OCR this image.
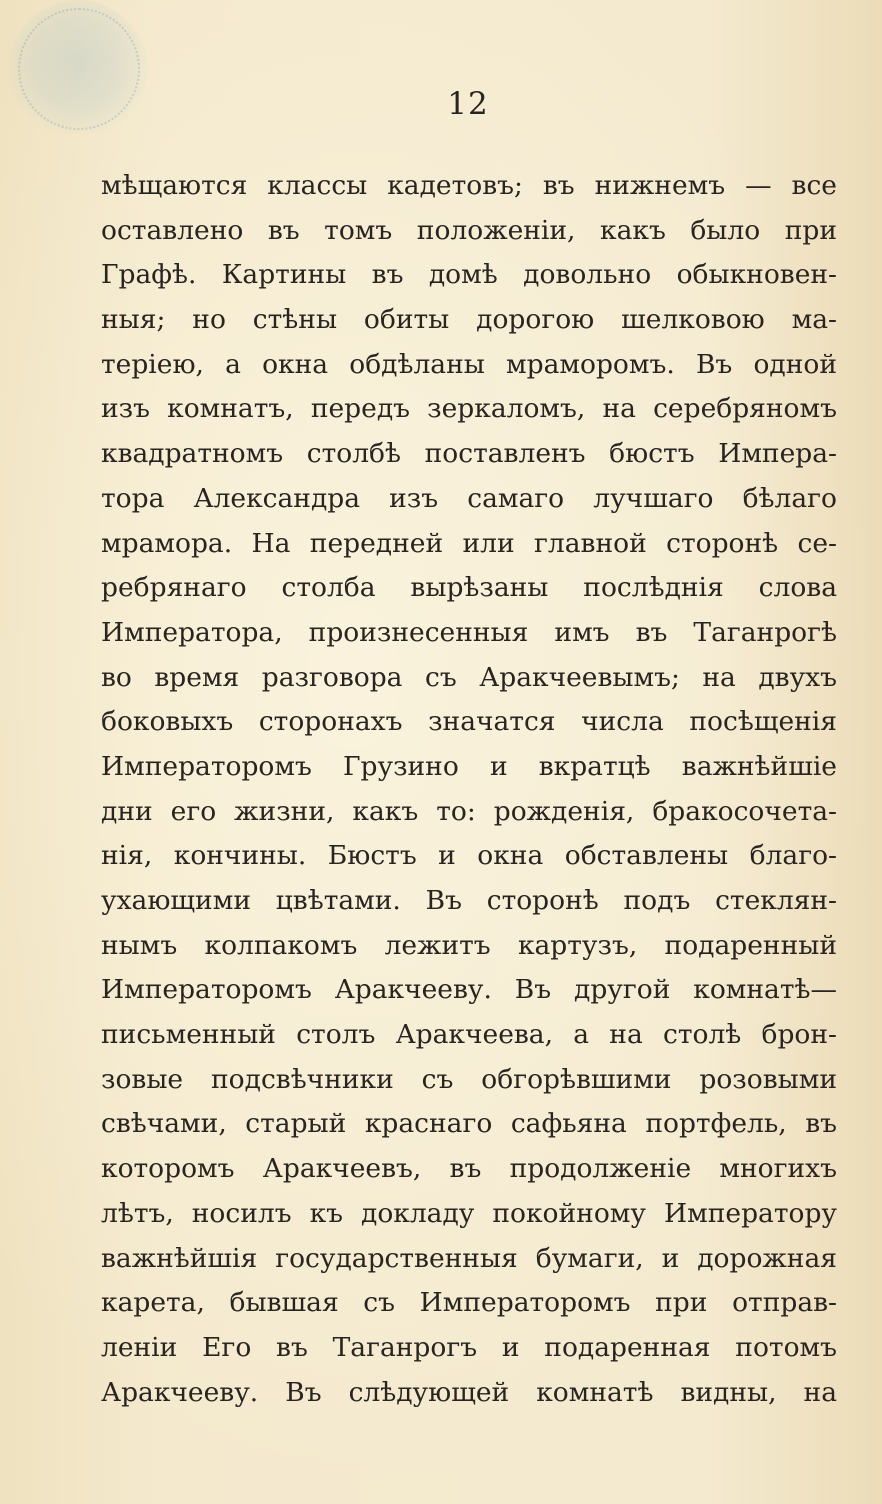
12
мѣщаются классы кадетовъ; въ нижнемъ — все
оставлено въ томъ положеніи, какъ было при
Графѣ. Картины въ домѣ довольно обыкновен-
ныя; но стѣны обиты дорогою шелковою ма-
теріею, а окна обдѣланы мраморомъ. Въ одной
изъ комнатъ, передъ зеркаломъ, на серебряномъ
квадратномъ столбѣ поставленъ бюстъ Импера-
тора Александра изъ самаго лучшаго бѣлаго
мрамора. На передней или главной сторонѣ се-
ребрянаго столба вырѣзаны послѣднія слова
Императора, произнесенныя имъ въ Таганрогѣ
во время разговора съ Аракчеевымъ; на двухъ
боковыхъ сторонахъ значатся числа посѣщенія
Императоромъ Грузино и вкратцѣ важнѣйшіе
дни его жизни, какъ то: рожденія, бракосочета-
нія, кончины. Бюстъ и окна обставлены благо-
ухающими цвѣтами. Въ сторонѣ подъ стеклян-
нымъ колпакомъ лежитъ картузъ, подаренный
Императоромъ Аракчееву. Въ другой комнатѣ—
письменный столъ Аракчеева, а на столѣ брон-
зовые подсвѣчники съ обгорѣвшими розовыми
свѣчами, старый краснаго сафьяна портфель, въ
которомъ Аракчеевъ, въ продолженіе многихъ
лѣтъ, носилъ къ докладу покойному Императору
важнѣйшія государственныя бумаги, и дорожная
карета, бывшая съ Императоромъ при отправ-
леніи Его въ Таганрогъ и подаренная потомъ
Аракчееву. Въ слѣдующей комнатѣ видны, на
